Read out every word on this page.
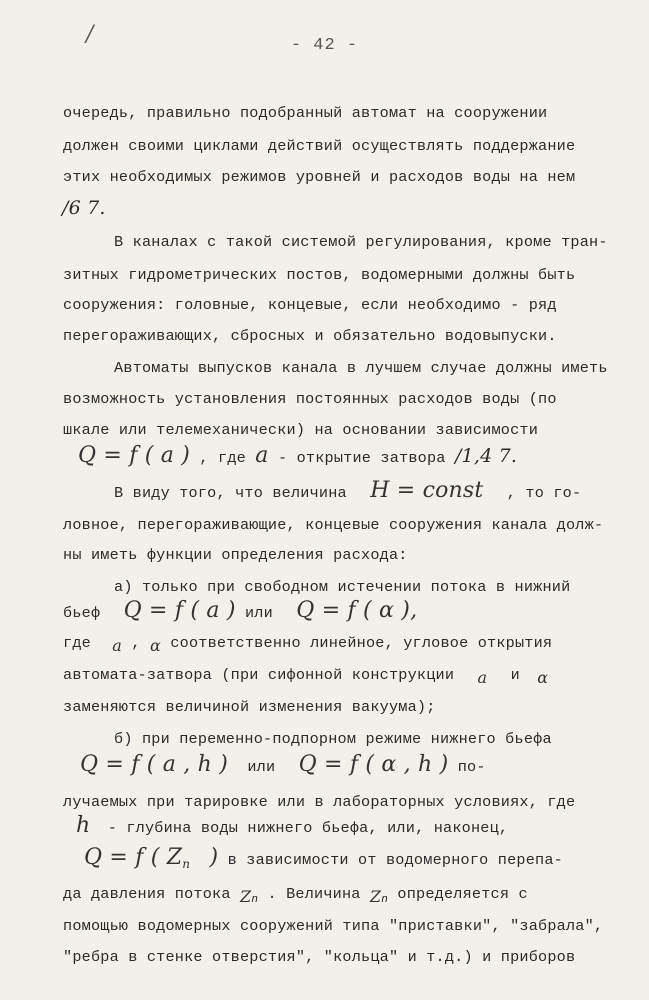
/	- 42 -
очередь, правильно подобранный автомат на сооружении
должен своими циклами действий осуществлять поддержание
этих необходимых режимов уровней и расходов воды на нем
/6 7.
В каналах с такой системой регулирования, кроме тран-
зитных гидрометрических постов, водомерными должны быть
сооружения: головные, концевые, если необходимо - ряд
перегораживающих, сбросных и обязательно водовыпуски.
Автоматы выпусков канала в лучшем случае должны иметь
возможность установления постоянных расходов воды (по
шкале или телемеханически) на основании зависимости
Q = f ( a ) , где a - открытие затвора /1,4 7.
В виду того, что величина H = const , то го-
ловное, перегораживающие, концевые сооружения канала долж-
ны иметь функции определения расхода:
а) только при свободном истечении потока в нижний
бьеф Q = f ( a ) или Q = f ( α ),
где a , α соответственно линейное, угловое открытия
автомата-затвора (при сифонной конструкции a и α
заменяются величиной изменения вакуума);
б) при переменно-подпорном режиме нижнего бьефа
Q = f ( a , h ) или Q = f ( α , h ) по-
лучаемых при тарировке или в лабораторных условиях, где
h - глубина воды нижнего бьефа, или, наконец,
Q = f ( $Z_n$ ) в зависимости от водомерного перепа-
да давления потока $Z_n$ . Величина $Z_n$ определяется с
помощью водомерных сооружений типа "приставки", "забрала",
"ребра в стенке отверстия", "кольца" и т.д.) и приборов
